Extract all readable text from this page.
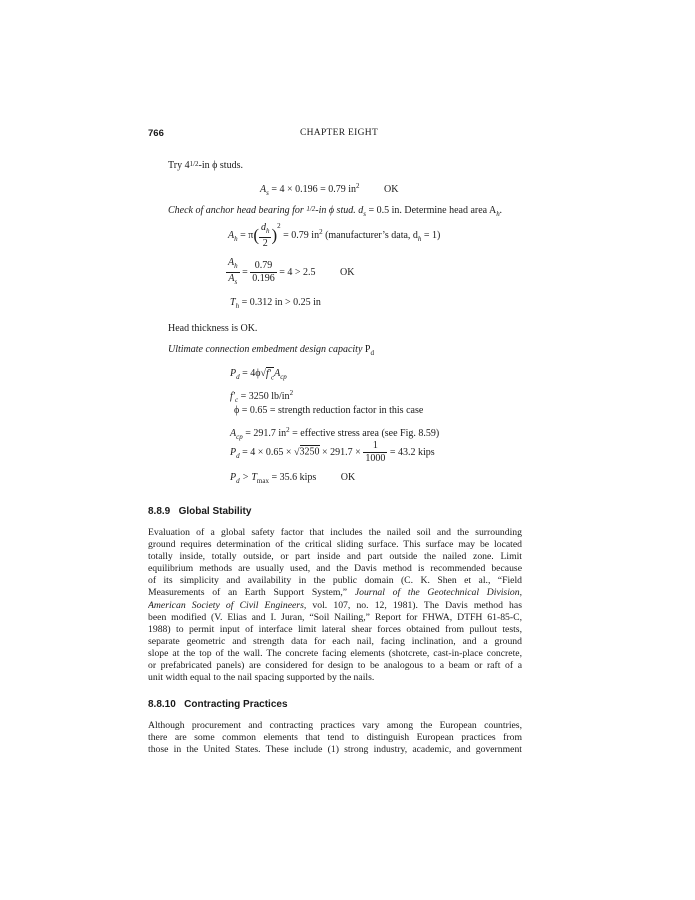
766	CHAPTER EIGHT
Try $4^{1/2}-in$ ϕ studs.
$A_s = 4 \times 0.196 = 0.79$ $in^2$ OK
Check of anchor head bearing for $^{1/2}$-in ϕ stud. $d_s = 0.5$ in. Determine head area $A_h$.
$A_h = \pi( \frac{d_h}{2} )^2 = 0.79$ $in^2$ (manufacturer’s data, $d_h = 1$)
$\frac{A_h}{A_s} = \frac{0.79}{0.196} = 4 > 2.5$ OK
$T_h = 0.312$ in > 0.25 in
Head thickness is OK.
Ultimate connection embedment design capacity $P_d$
$P_d = 4\phi√f'_cA_{cp}$
$f'_c = 3250$ $lb/in^2$
ϕ = 0.65 = strength reduction factor in this case
$A_{cp} = 291.7$ $in^2$ = effective stress area (see Fig. 8.59)
$P_d = 4 \times 0.65 \times √3250 \times 291.7 \times \frac{1}{1000} = 43.2$ kips
$P_d > T_{max} = 35.6$ kips OK
8.8.9 Global Stability
Evaluation of a global safety factor that includes the nailed soil and the surrounding
ground requires determination of the critical sliding surface. This surface may be located
totally inside, totally outside, or part inside and part outside the nailed zone. Limit
equilibrium methods are usually used, and the Davis method is recommended because
of its simplicity and availability in the public domain (C. K. Shen et al., “Field
Measurements of an Earth Support System,” Journal of the Geotechnical Division,
American Society of Civil Engineers, vol. 107, no. 12, 1981). The Davis method has
been modified (V. Elias and I. Juran, “Soil Nailing,” Report for FHWA, DTFH 61-85-C,
1988) to permit input of interface limit lateral shear forces obtained from pullout tests,
separate geometric and strength data for each nail, facing inclination, and a ground
slope at the top of the wall. The concrete facing elements (shotcrete, cast-in-place concrete,
or prefabricated panels) are considered for design to be analogous to a beam or raft of a
unit width equal to the nail spacing supported by the nails.
8.8.10 Contracting Practices
Although procurement and contracting practices vary among the European countries,
there are some common elements that tend to distinguish European practices from
those in the United States. These include (1) strong industry, academic, and government
